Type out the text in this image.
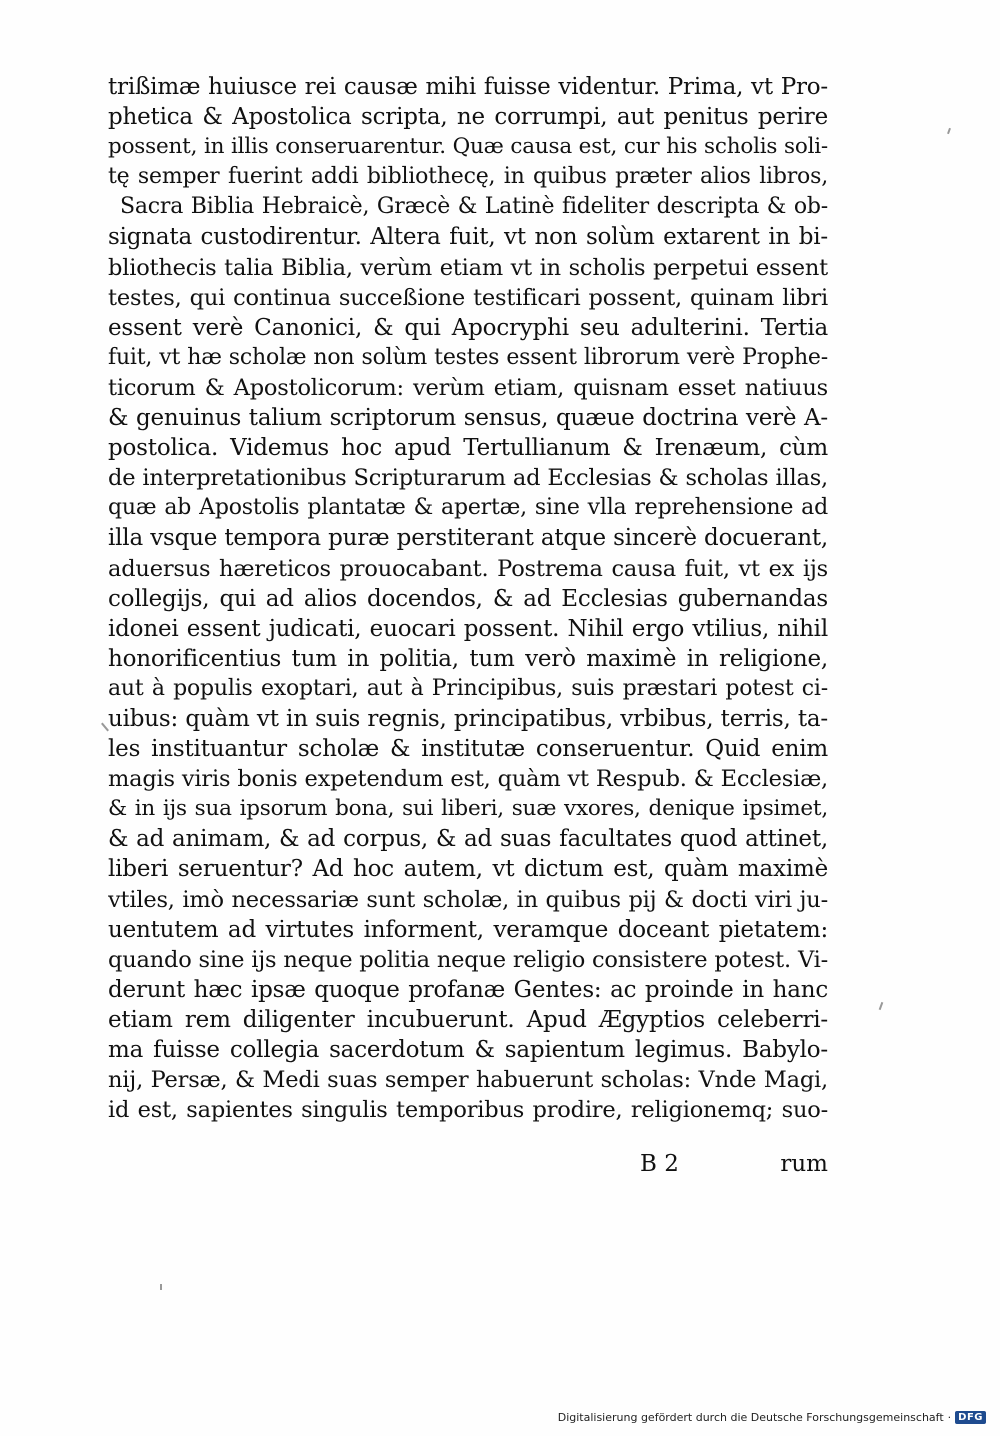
trißimæ huiusce rei causæ mihi fuisse videntur. Prima, vt Pro-
phetica & Apostolica scripta, ne corrumpi, aut penitus perire
possent, in illis conseruarentur. Quæ causa est, cur his scholis soli-
tę semper fuerint addi bibliothecę, in quibus præter alios libros,
Sacra Biblia Hebraicè, Græcè & Latinè fideliter descripta & ob-
signata custodirentur. Altera fuit, vt non solùm extarent in bi-
bliothecis talia Biblia, verùm etiam vt in scholis perpetui essent
testes, qui continua succeßione testificari possent, quinam libri
essent verè Canonici, & qui Apocryphi seu adulterini. Tertia
fuit, vt hæ scholæ non solùm testes essent librorum verè Prophe-
ticorum & Apostolicorum: verùm etiam, quisnam esset natiuus
& genuinus talium scriptorum sensus, quæue doctrina verè A-
postolica. Videmus hoc apud Tertullianum & Irenæum, cùm
de interpretationibus Scripturarum ad Ecclesias & scholas illas,
quæ ab Apostolis plantatæ & apertæ, sine vlla reprehensione ad
illa vsque tempora puræ perstiterant atque sincerè docuerant,
aduersus hæreticos prouocabant. Postrema causa fuit, vt ex ijs
collegijs, qui ad alios docendos, & ad Ecclesias gubernandas
idonei essent judicati, euocari possent. Nihil ergo vtilius, nihil
honorificentius tum in politia, tum verò maximè in religione,
aut à populis exoptari, aut à Principibus, suis præstari potest ci-
uibus: quàm vt in suis regnis, principatibus, vrbibus, terris, ta-
les instituantur scholæ & institutæ conseruentur. Quid enim
magis viris bonis expetendum est, quàm vt Respub. & Ecclesiæ,
& in ijs sua ipsorum bona, sui liberi, suæ vxores, denique ipsimet,
& ad animam, & ad corpus, & ad suas facultates quod attinet,
liberi seruentur? Ad hoc autem, vt dictum est, quàm maximè
vtiles, imò necessariæ sunt scholæ, in quibus pij & docti viri ju-
uentutem ad virtutes informent, veramque doceant pietatem:
quando sine ijs neque politia neque religio consistere potest. Vi-
derunt hæc ipsæ quoque profanæ Gentes: ac proinde in hanc
etiam rem diligenter incubuerunt. Apud Ægyptios celeberri-
ma fuisse collegia sacerdotum & sapientum legimus. Babylo-
nij, Persæ, & Medi suas semper habuerunt scholas: Vnde Magi,
id est, sapientes singulis temporibus prodire, religionemq; suo-
B 2	rum
Digitalisierung gefördert durch die Deutsche Forschungsgemeinschaft · DFG
